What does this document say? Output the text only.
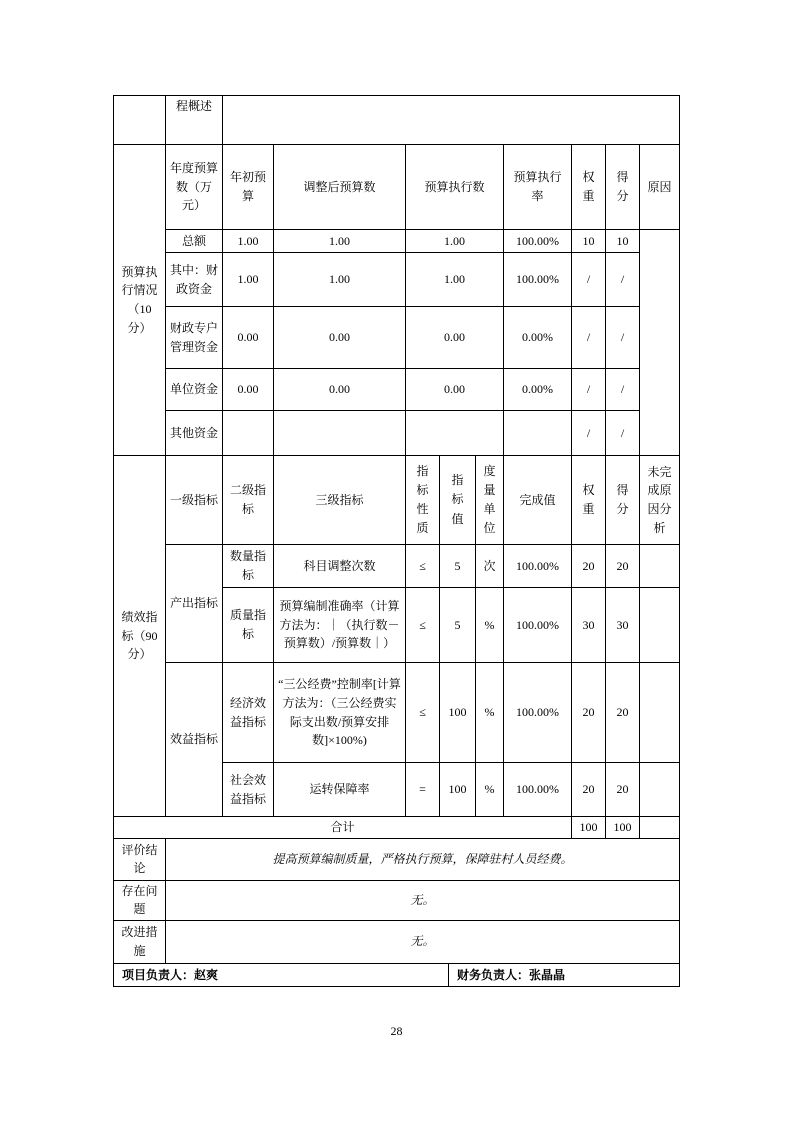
	程概述									
预算执行情况（10 分）	年度预算数（万元）	年初预算	调整后预算数	预算执行数			预算执行率	权重	得分	原因
	总额	1.00	1.00	1.00			100.00%	10	10	
	其中：财政资金	1.00	1.00	1.00			100.00%	/	/	
	财政专户管理资金	0.00	0.00	0.00			0.00%	/	/	
	单位资金	0.00	0.00	0.00			0.00%	/	/	
	其他资金							/	/	
绩效指标（90 分）	一级指标	二级指标	三级指标	指标性质	指标值	度量单位	完成值	权重	得分	未完成原因分析
	产出指标	数量指标	科目调整次数	≤	5	次	100.00%	20	20	
		质量指标	预算编制准确率（计算方法为：｜（执行数－预算数）/预算数｜）	≤	5	%	100.00%	30	30	
	效益指标	经济效益指标	“三公经费”控制率[计算方法为：（三公经费实际支出数/预算安排数]×100%)	≤	100	%	100.00%	20	20	
		社会效益指标	运转保障率	=	100	%	100.00%	20	20	
合计								100	100	
评价结论	提高预算编制质量，严格执行预算，保障驻村人员经费。									
存在问题	无。									
改进措施	无。									

项目负责人：赵爽 财务负责人：张晶晶										
28
